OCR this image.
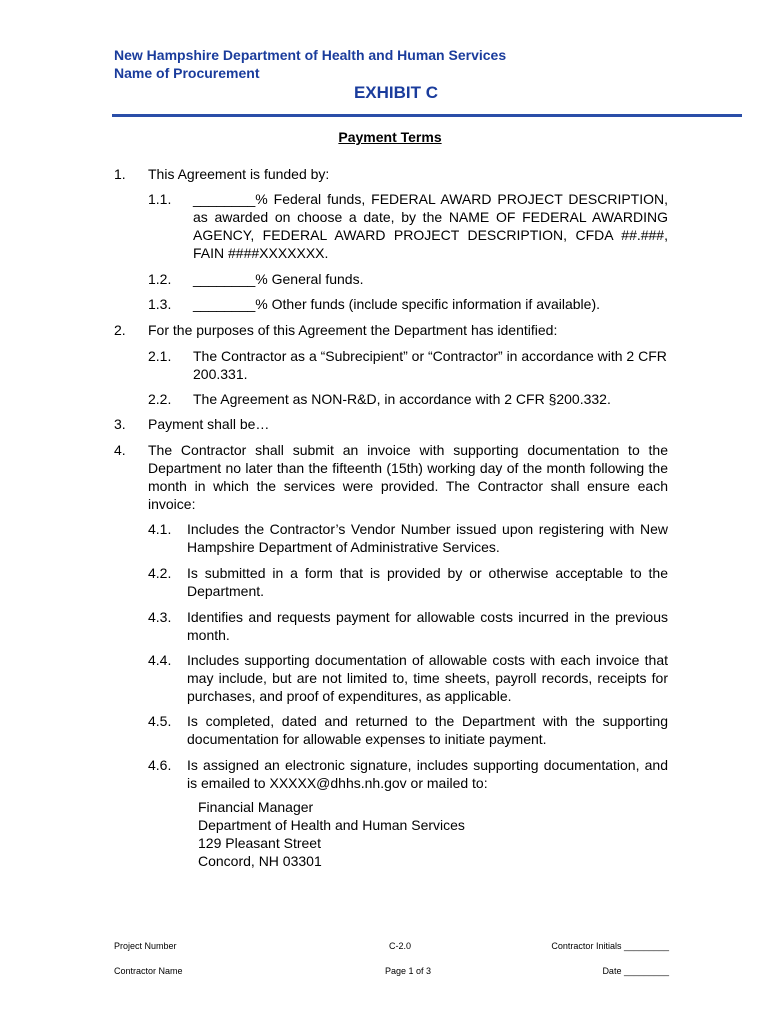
New Hampshire Department of Health and Human Services
Name of Procurement
EXHIBIT C
Payment Terms
1. This Agreement is funded by:
1.1. ________% Federal funds, FEDERAL AWARD PROJECT DESCRIPTION, as awarded on choose a date, by the NAME OF FEDERAL AWARDING AGENCY, FEDERAL AWARD PROJECT DESCRIPTION, CFDA ##.###, FAIN ####XXXXXXX.
1.2. ________% General funds.
1.3. ________% Other funds (include specific information if available).
2. For the purposes of this Agreement the Department has identified:
2.1. The Contractor as a “Subrecipient” or “Contractor” in accordance with 2 CFR 200.331.
2.2. The Agreement as NON-R&D, in accordance with 2 CFR §200.332.
3. Payment shall be…
4. The Contractor shall submit an invoice with supporting documentation to the Department no later than the fifteenth (15th) working day of the month following the month in which the services were provided. The Contractor shall ensure each invoice:
4.1. Includes the Contractor’s Vendor Number issued upon registering with New Hampshire Department of Administrative Services.
4.2. Is submitted in a form that is provided by or otherwise acceptable to the Department.
4.3. Identifies and requests payment for allowable costs incurred in the previous month.
4.4. Includes supporting documentation of allowable costs with each invoice that may include, but are not limited to, time sheets, payroll records, receipts for purchases, and proof of expenditures, as applicable.
4.5. Is completed, dated and returned to the Department with the supporting documentation for allowable expenses to initiate payment.
4.6. Is assigned an electronic signature, includes supporting documentation, and is emailed to XXXXX@dhhs.nh.gov or mailed to:
Financial Manager
Department of Health and Human Services
129 Pleasant Street
Concord, NH 03301
Project Number	C-2.0	Contractor Initials _________
Contractor Name	Page 1 of 3	Date _________
